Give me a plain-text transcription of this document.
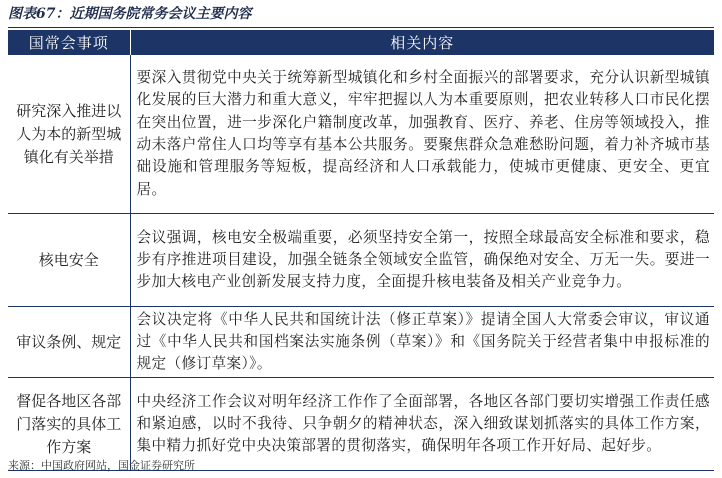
图表67：近期国务院常务会议主要内容
国常会事项	相关内容
研究深入推进以人为本的新型城镇化有关举措	要深入贯彻党中央关于统筹新型城镇化和乡村全面振兴的部署要求，充分认识新型城镇化发展的巨大潜力和重大意义，牢牢把握以人为本重要原则，把农业转移人口市民化摆在突出位置，进一步深化户籍制度改革，加强教育、医疗、养老、住房等领域投入，推动未落户常住人口均等享有基本公共服务。要聚焦群众急难愁盼问题，着力补齐城市基础设施和管理服务等短板，提高经济和人口承载能力，使城市更健康、更安全、更宜居。
核电安全	会议强调，核电安全极端重要，必须坚持安全第一，按照全球最高安全标准和要求，稳步有序推进项目建设，加强全链条全领域安全监管，确保绝对安全、万无一失。要进一步加大核电产业创新发展支持力度，全面提升核电装备及相关产业竞争力。
审议条例、规定	会议决定将《中华人民共和国统计法（修正草案）》提请全国人大常委会审议，审议通过《中华人民共和国档案法实施条例（草案）》和《国务院关于经营者集中申报标准的规定（修订草案）》。
督促各地区各部门落实的具体工作方案	中央经济工作会议对明年经济工作作了全面部署，各地区各部门要切实增强工作责任感和紧迫感，以时不我待、只争朝夕的精神状态，深入细致谋划抓落实的具体工作方案，集中精力抓好党中央决策部署的贯彻落实，确保明年各项工作开好局、起好步。
来源：中国政府网站，国金证券研究所
